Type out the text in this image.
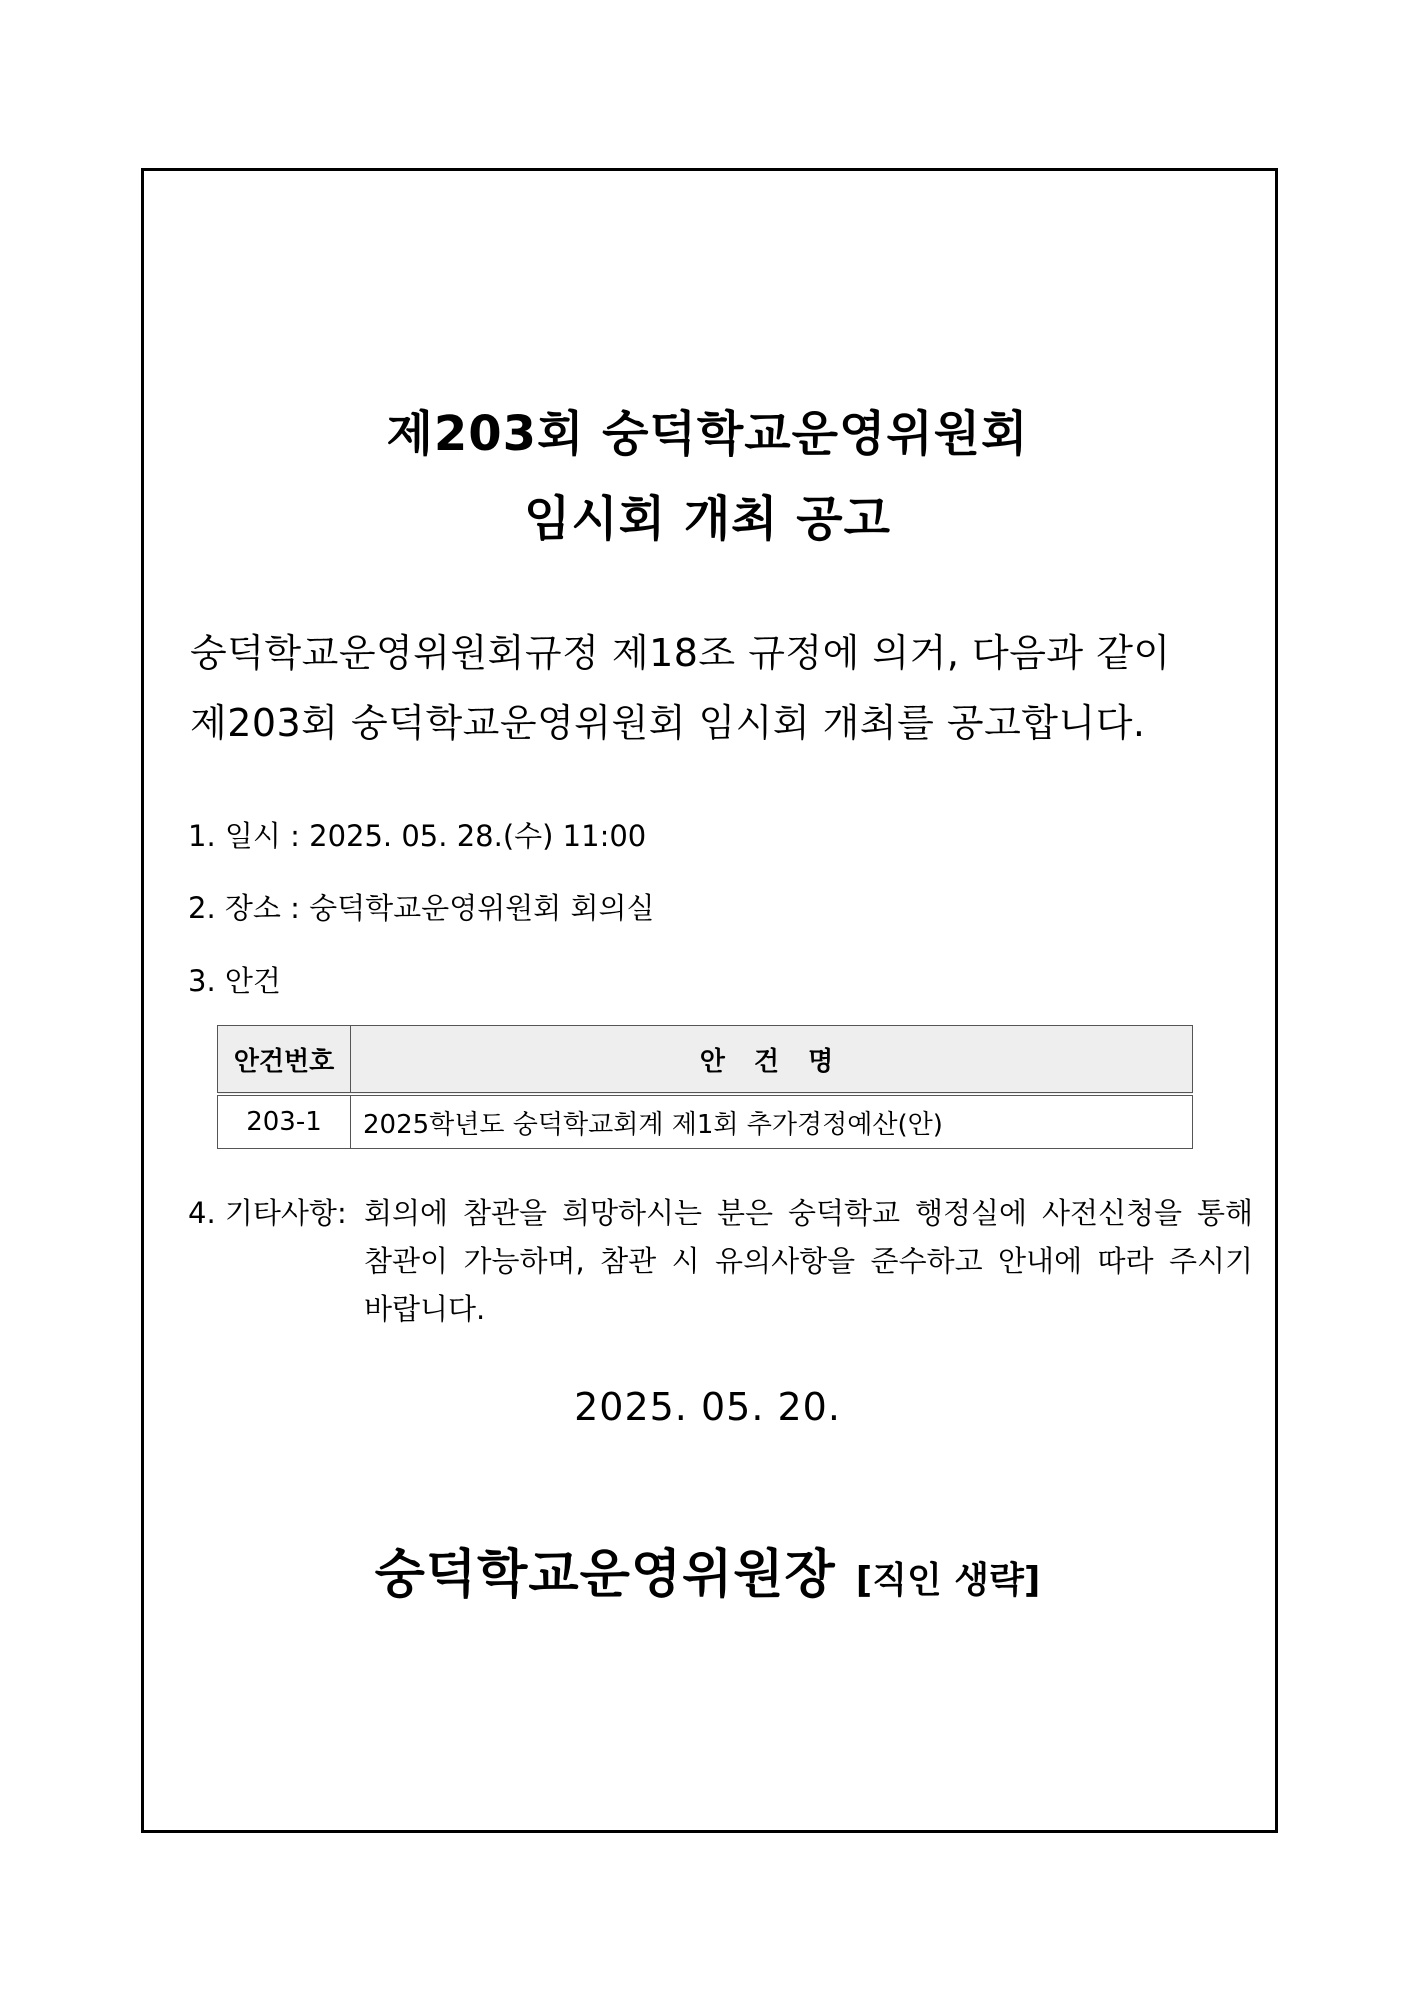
제203회 숭덕학교운영위원회
임시회 개최 공고
숭덕학교운영위원회규정 제18조 규정에 의거, 다음과 같이
제203회 숭덕학교운영위원회 임시회 개최를 공고합니다.
1. 일시 : 2025. 05. 28.(수) 11:00
2. 장소 : 숭덕학교운영위원회 회의실
3. 안건
안건번호	안 건 명
203-1	2025학년도 숭덕학교회계 제1회 추가경정예산(안)
4. 기타사항: 회의에 참관을 희망하시는 분은 숭덕학교 행정실에 사전신청을 통해 참관이 가능하며, 참관 시 유의사항을 준수하고 안내에 따라 주시기 바랍니다.
2025. 05. 20.
숭덕학교운영위원장 [직인 생략]
